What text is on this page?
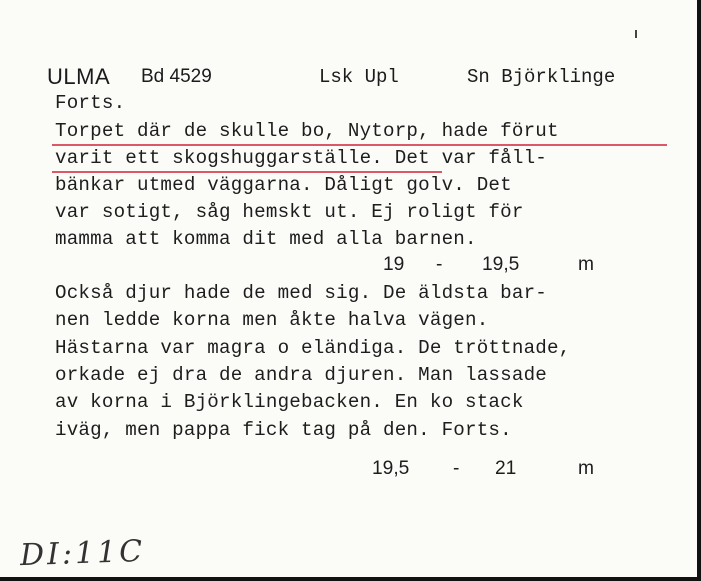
ULMA Bd 4529	Lsk Upl	Sn Björklinge
Forts.
Torpet där de skulle bo, Nytorp, hade förut
varit ett skogshuggarställe. Det var fåll-
bänkar utmed väggarna. Dåligt golv. Det
var sotigt, såg hemskt ut. Ej roligt för
mamma att komma dit med alla barnen.
19 - 19,5	m
Också djur hade de med sig. De äldsta bar-
nen ledde korna men åkte halva vägen.
Hästarna var magra o eländiga. De tröttnade,
orkade ej dra de andra djuren. Man lassade
av korna i Björklingebacken. En ko stack
iväg, men pappa fick tag på den. Forts.
19,5 - 21	m
DI:11C
